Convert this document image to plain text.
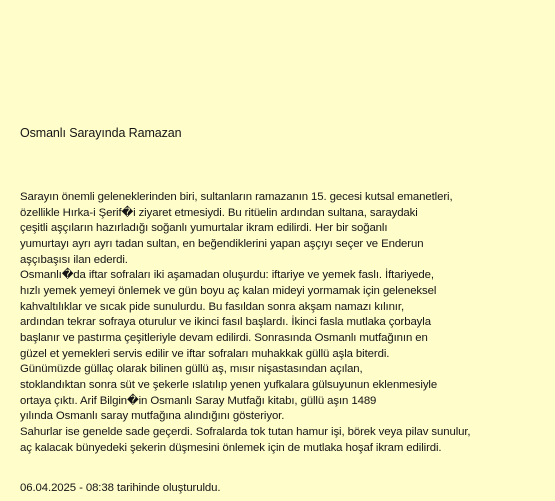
Osmanlı Sarayında Ramazan
Sarayın önemli geleneklerinden biri, sultanların ramazanın 15. gecesi kutsal emanetleri,
özellikle Hırka-i Şerif�i ziyaret etmesiydi. Bu ritüelin ardından sultana, saraydaki
çeşitli aşçıların hazırladığı soğanlı yumurtalar ikram edilirdi. Her bir soğanlı
yumurtayı ayrı ayrı tadan sultan, en beğendiklerini yapan aşçıyı seçer ve Enderun
aşçıbaşısı ilan ederdi.
Osmanlı�da iftar sofraları iki aşamadan oluşurdu: iftariye ve yemek faslı. İftariyede,
hızlı yemek yemeyi önlemek ve gün boyu aç kalan mideyi yormamak için geleneksel
kahvaltılıklar ve sıcak pide sunulurdu. Bu fasıldan sonra akşam namazı kılınır,
ardından tekrar sofraya oturulur ve ikinci fasıl başlardı. İkinci fasla mutlaka çorbayla
başlanır ve pastırma çeşitleriyle devam edilirdi. Sonrasında Osmanlı mutfağının en
güzel et yemekleri servis edilir ve iftar sofraları muhakkak güllü aşla biterdi.
Günümüzde güllaç olarak bilinen güllü aş, mısır nişastasından açılan,
stoklandıktan sonra süt ve şekerle ıslatılıp yenen yufkalara gülsuyunun eklenmesiyle
ortaya çıktı. Arif Bilgin�in Osmanlı Saray Mutfağı kitabı, güllü aşın 1489
yılında Osmanlı saray mutfağına alındığını gösteriyor.
Sahurlar ise genelde sade geçerdi. Sofralarda tok tutan hamur işi, börek veya pilav sunulur,
aç kalacak bünyedeki şekerin düşmesini önlemek için de mutlaka hoşaf ikram edilirdi.
06.04.2025 - 08:38 tarihinde oluşturuldu.
